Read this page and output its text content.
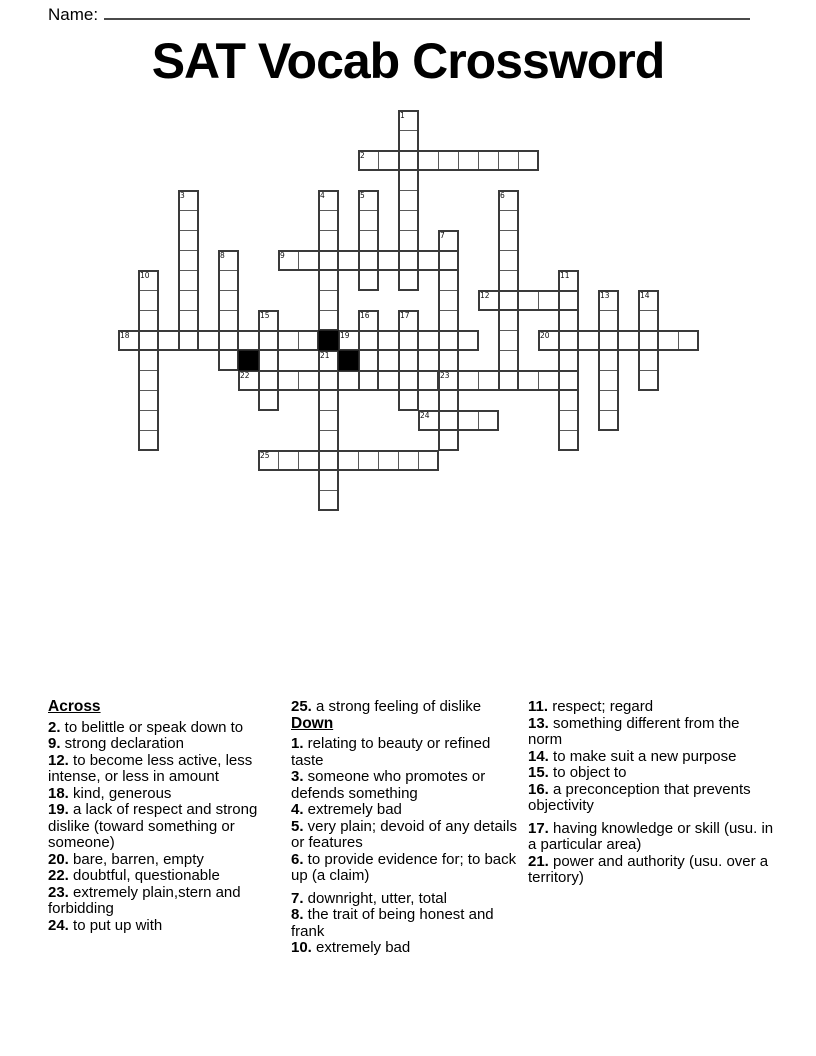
Name:
SAT Vocab Crossword
2
9
12
18	19	20
22	23
24
25
1
3	4	5	6
7
8
10	11
13	14
15	16	17
21
Across
2. to belittle or speak down to
9. strong declaration
12. to become less active, less intense, or less in amount
18. kind, generous
19. a lack of respect and strong dislike (toward something or someone)
20. bare, barren, empty
22. doubtful, questionable
23. extremely plain,stern and forbidding
24. to put up with
25. a strong feeling of dislike
Down
1. relating to beauty or refined taste
3. someone who promotes or defends something
4. extremely bad
5. very plain; devoid of any details or features
6. to provide evidence for; to back up (a claim)
7. downright, utter, total
8. the trait of being honest and frank
10. extremely bad
11. respect; regard
13. something different from the norm
14. to make suit a new purpose
15. to object to
16. a preconception that prevents objectivity
17. having knowledge or skill (usu. in a particular area)
21. power and authority (usu. over a territory)
